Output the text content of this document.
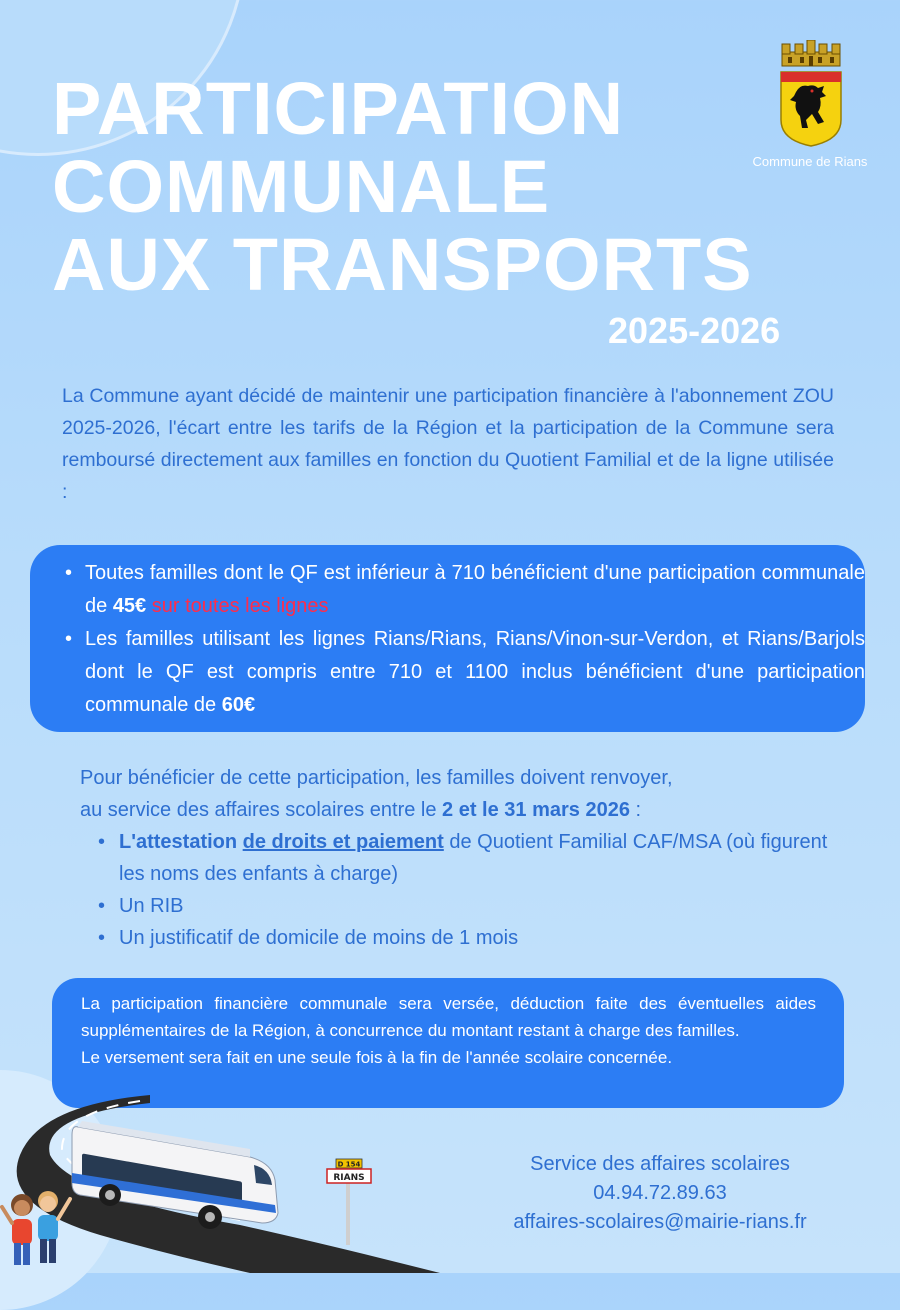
PARTICIPATION
COMMUNALE
AUX TRANSPORTS
2025-2026
Commune de Rians
La Commune ayant décidé de maintenir une participation financière à l'abonnement ZOU 2025-2026, l'écart entre les tarifs de la Région et la participation de la Commune sera remboursé directement aux familles en fonction du Quotient Familial et de la ligne utilisée :
• Toutes familles dont le QF est inférieur à 710 bénéficient d'une participation communale de 45€ sur toutes les lignes
• Les familles utilisant les lignes Rians/Rians, Rians/Vinon-sur-Verdon, et Rians/Barjols dont le QF est compris entre 710 et 1100 inclus bénéficient d'une participation communale de 60€

Pour bénéficier de cette participation, les familles doivent renvoyer,

au service des affaires scolaires entre le 2 et le 31 mars 2026 :

• L'attestation de droits et paiement de Quotient Familial CAF/MSA (où figurent les noms des enfants à charge)
• Un RIB
• Un justificatif de domicile de moins de 1 mois

La participation financière communale sera versée, déduction faite des éventuelles aides supplémentaires de la Région, à concurrence du montant restant à charge des familles.

Le versement sera fait en une seule fois à la fin de l'année scolaire concernée.

D 154
RIANS
Service des affaires scolaires
04.94.72.89.63
affaires-scolaires@mairie-rians.fr
